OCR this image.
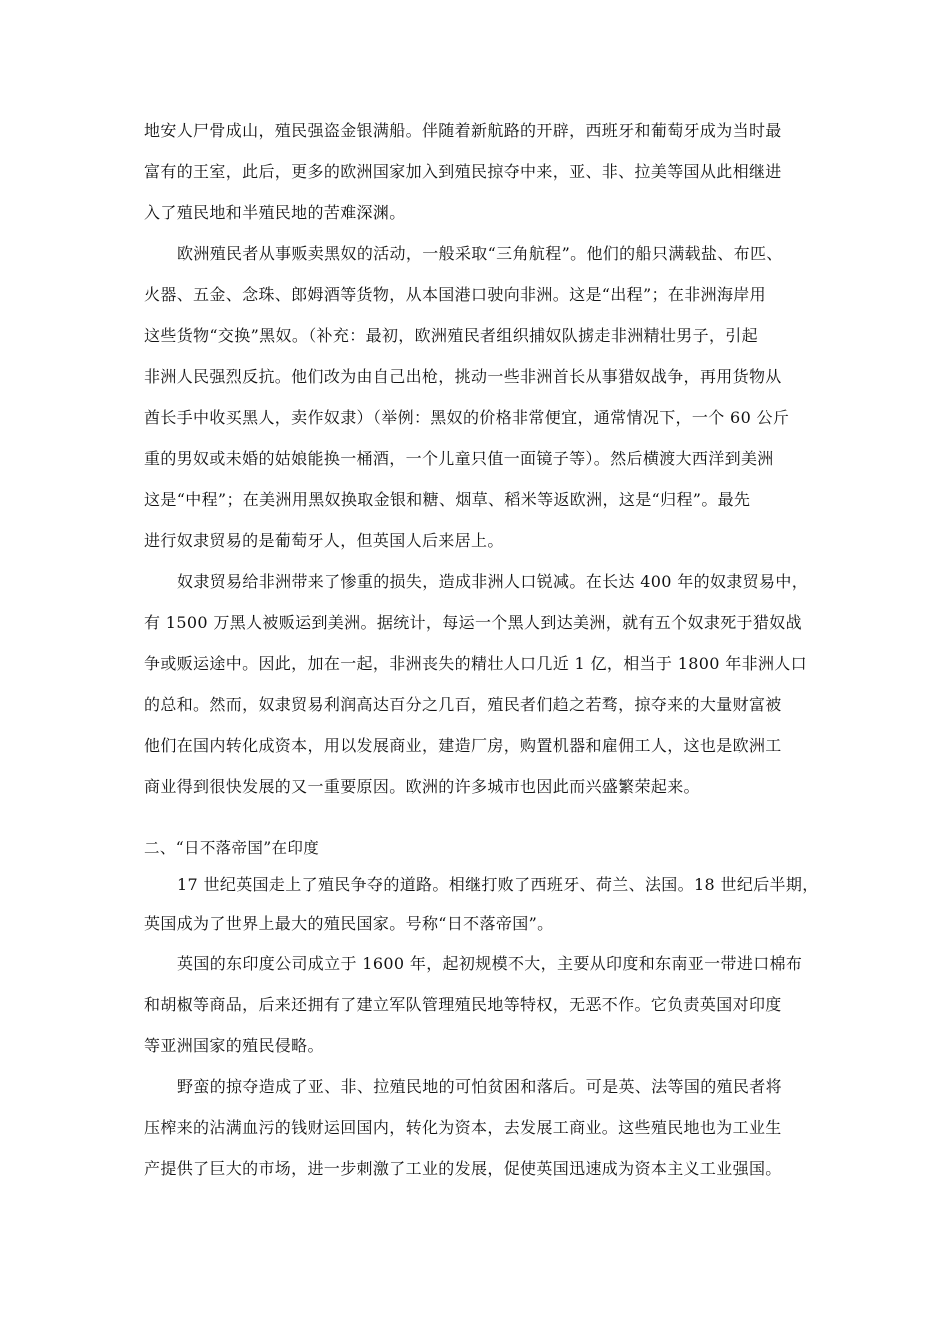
地安人尸骨成山，殖民强盗金银满船。伴随着新航路的开辟，西班牙和葡萄牙成为当时最
富有的王室，此后，更多的欧洲国家加入到殖民掠夺中来，亚、非、拉美等国从此相继进
入了殖民地和半殖民地的苦难深渊。
欧洲殖民者从事贩卖黑奴的活动，一般采取“三角航程”。他们的船只满载盐、布匹、
火器、五金、念珠、郎姆酒等货物，从本国港口驶向非洲。这是“出程”；在非洲海岸用
这些货物“交换”黑奴。（补充：最初，欧洲殖民者组织捕奴队掳走非洲精壮男子，引起
非洲人民强烈反抗。他们改为由自己出枪，挑动一些非洲首长从事猎奴战争，再用货物从
酋长手中收买黑人，卖作奴隶）（举例：黑奴的价格非常便宜，通常情况下，一个 60 公斤
重的男奴或未婚的姑娘能换一桶酒，一个儿童只值一面镜子等）。然后横渡大西洋到美洲
这是“中程”；在美洲用黑奴换取金银和糖、烟草、稻米等返欧洲，这是“归程”。最先
进行奴隶贸易的是葡萄牙人，但英国人后来居上。
奴隶贸易给非洲带来了惨重的损失，造成非洲人口锐减。在长达 400 年的奴隶贸易中，
有 1500 万黑人被贩运到美洲。据统计，每运一个黑人到达美洲，就有五个奴隶死于猎奴战
争或贩运途中。因此，加在一起，非洲丧失的精壮人口几近 1 亿，相当于 1800 年非洲人口
的总和。然而，奴隶贸易利润高达百分之几百，殖民者们趋之若骛，掠夺来的大量财富被
他们在国内转化成资本，用以发展商业，建造厂房，购置机器和雇佣工人，这也是欧洲工
商业得到很快发展的又一重要原因。欧洲的许多城市也因此而兴盛繁荣起来。
二、“日不落帝国”在印度
17 世纪英国走上了殖民争夺的道路。相继打败了西班牙、荷兰、法国。18 世纪后半期，
英国成为了世界上最大的殖民国家。号称“日不落帝国”。
英国的东印度公司成立于 1600 年，起初规模不大，主要从印度和东南亚一带进口棉布
和胡椒等商品，后来还拥有了建立军队管理殖民地等特权，无恶不作。它负责英国对印度
等亚洲国家的殖民侵略。
野蛮的掠夺造成了亚、非、拉殖民地的可怕贫困和落后。可是英、法等国的殖民者将
压榨来的沾满血污的钱财运回国内，转化为资本，去发展工商业。这些殖民地也为工业生
产提供了巨大的市场，进一步刺激了工业的发展，促使英国迅速成为资本主义工业强国。
